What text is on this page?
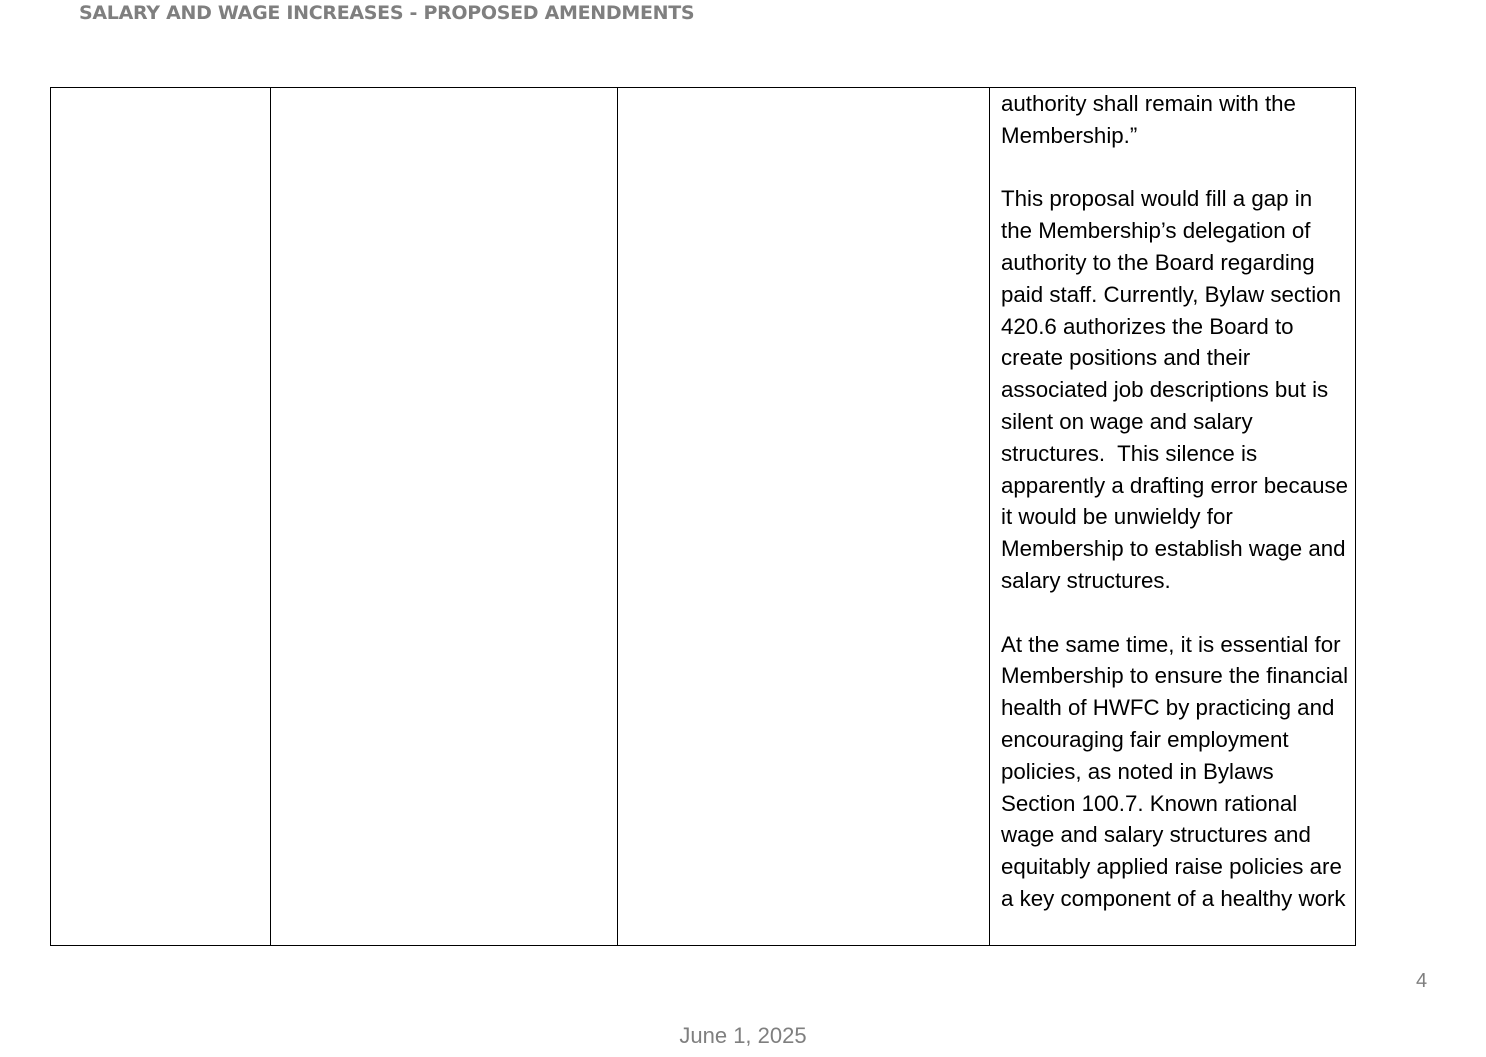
SALARY AND WAGE INCREASES - PROPOSED AMENDMENTS

authority shall remain with the Membership.”

This proposal would fill a gap in the Membership’s delegation of authority to the Board regarding paid staff. Currently, Bylaw section 420.6 authorizes the Board to create positions and their associated job descriptions but is silent on wage and salary structures.  This silence is apparently a drafting error because it would be unwieldy for Membership to establish wage and salary structures.

At the same time, it is essential for Membership to ensure the financial health of HWFC by practicing and encouraging fair employment policies, as noted in Bylaws Section 100.7. Known rational wage and salary structures and equitably applied raise policies are a key component of a healthy work

4
June 1, 2025
